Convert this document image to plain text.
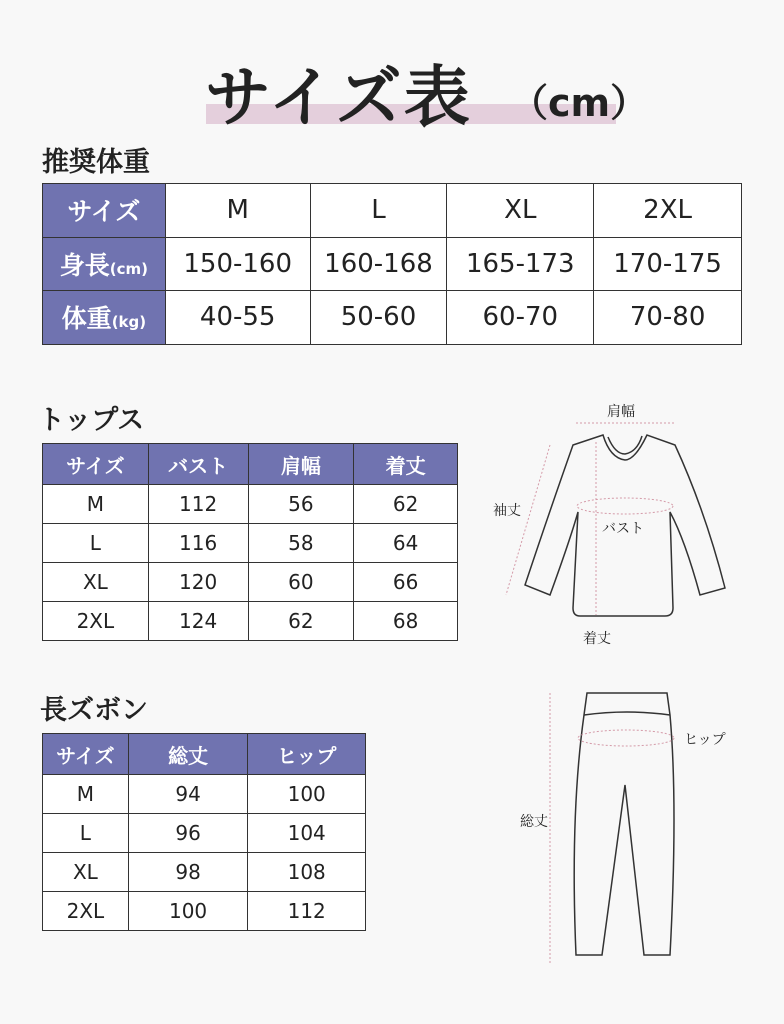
サイズ表 （cm）
推奨体重
サイズ	M	L	XL	2XL
身長(cm)	150-160	160-168	165-173	170-175
体重(kg)	40-55	50-60	60-70	70-80
トップス
サイズ	バスト	肩幅	着丈
M	112	56	62
L	116	58	64
XL	120	60	66
2XL	124	62	68
長ズボン
サイズ	総丈	ヒップ
M	94	100
L	96	104
XL	98	108
2XL	100	112
肩幅
袖丈
バスト
着丈
ヒップ
総丈
